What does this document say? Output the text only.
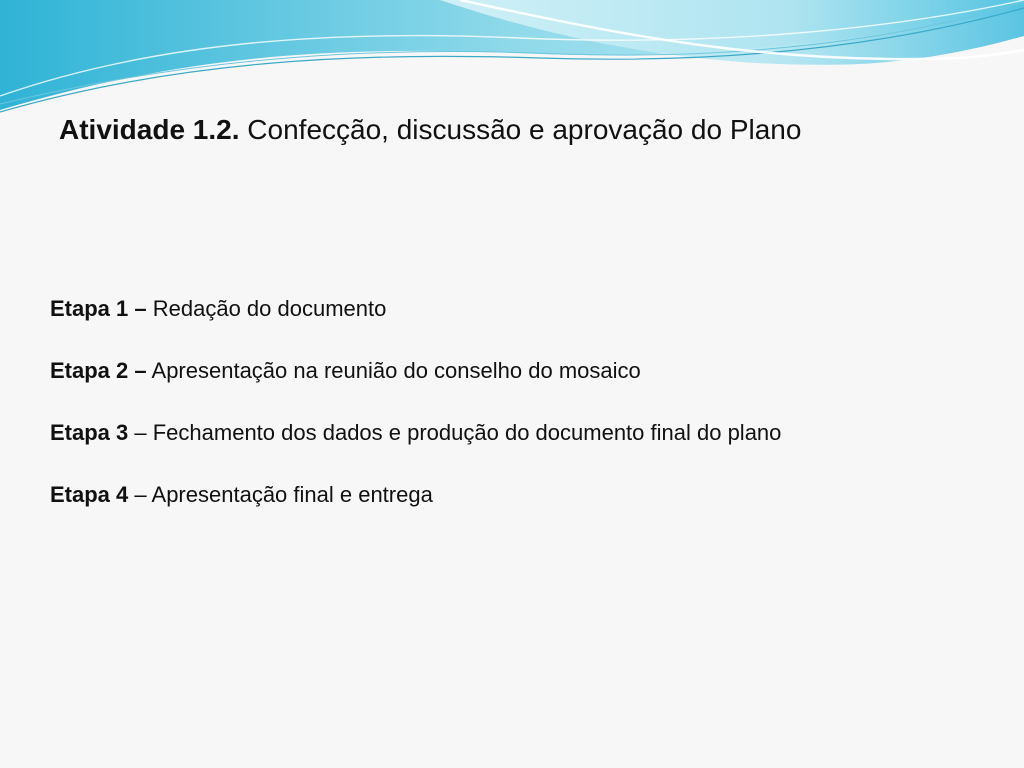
Atividade 1.2. Confecção, discussão e aprovação do Plano
Etapa 1 – Redação do documento
Etapa 2 – Apresentação na reunião do conselho do mosaico
Etapa 3 – Fechamento dos dados e produção do documento final do plano
Etapa 4 – Apresentação final e entrega
